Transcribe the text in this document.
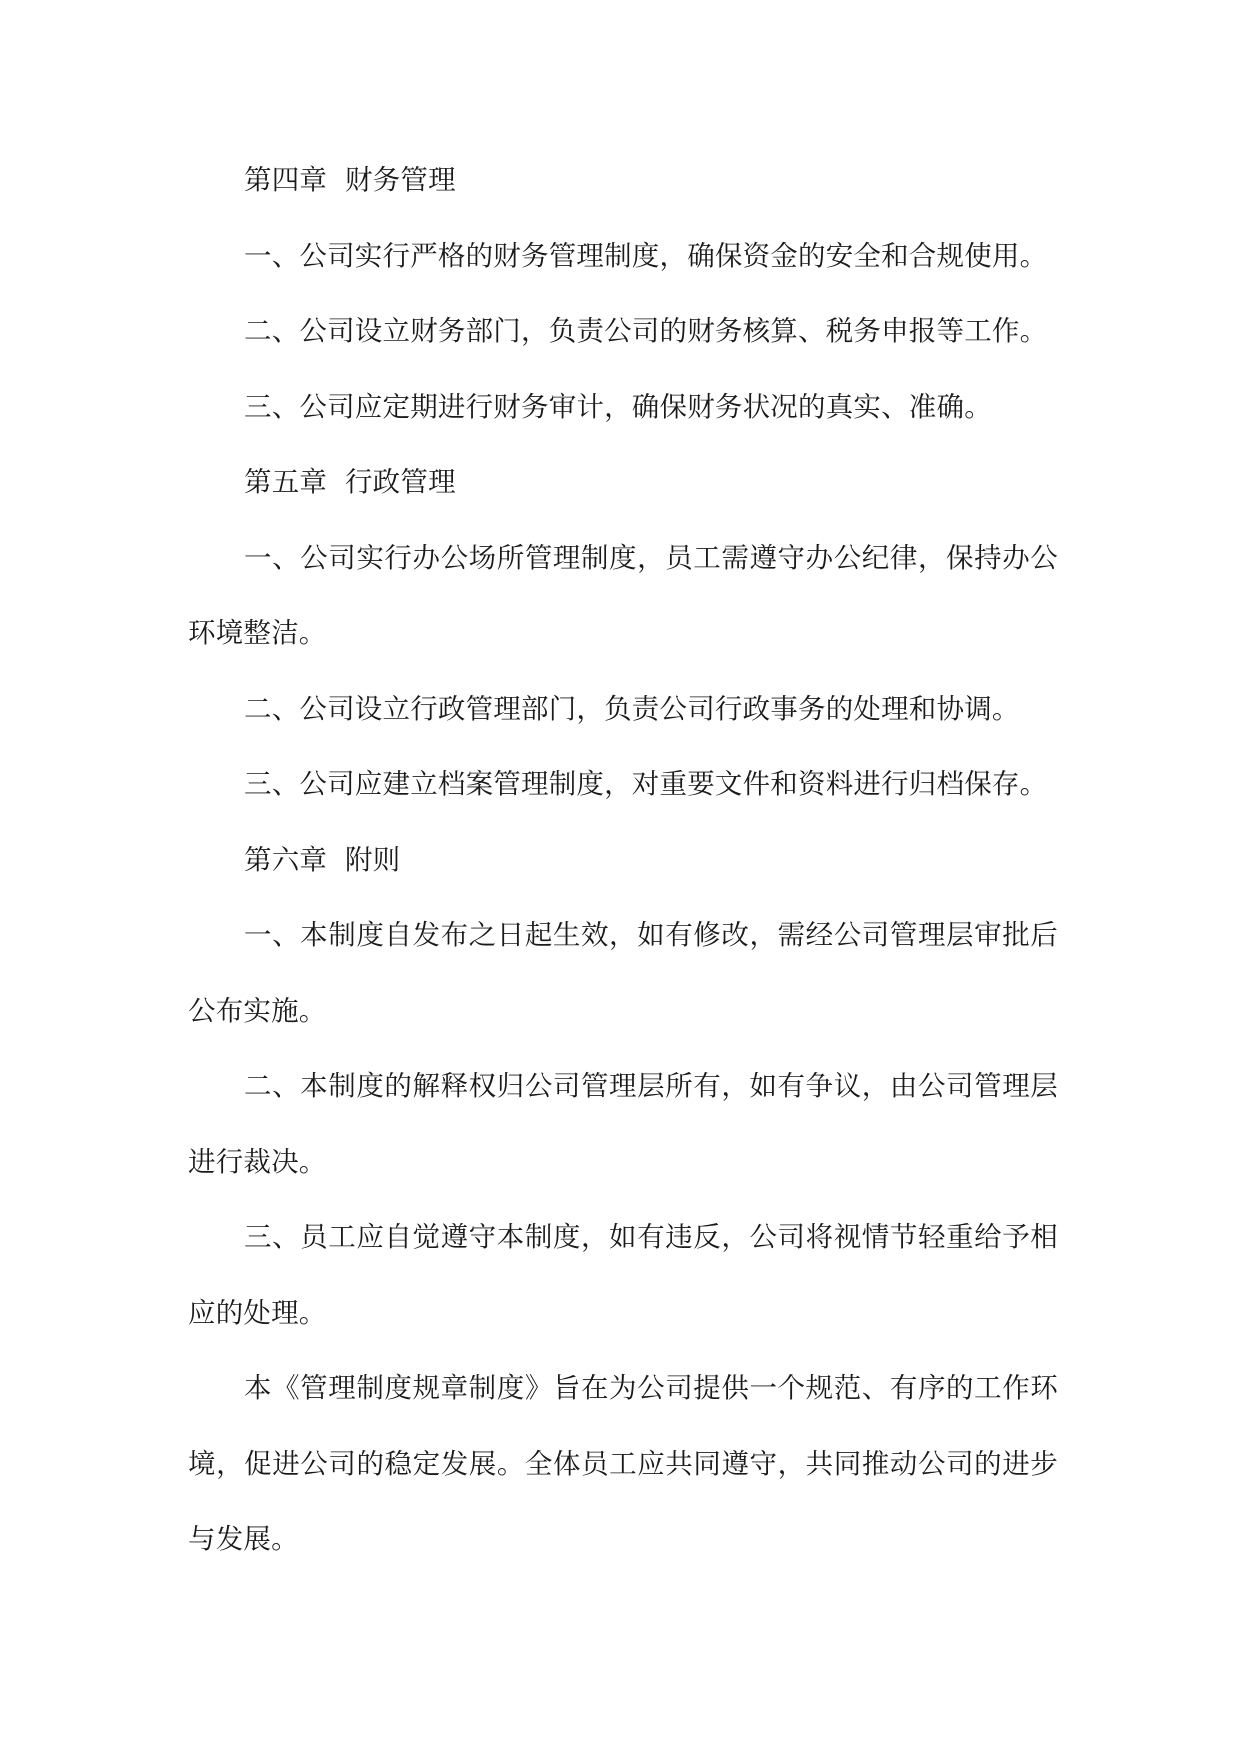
第四章  财务管理

一、公司实行严格的财务管理制度，确保资金的安全和合规使用。

二、公司设立财务部门，负责公司的财务核算、税务申报等工作。

三、公司应定期进行财务审计，确保财务状况的真实、准确。

第五章  行政管理

一、公司实行办公场所管理制度，员工需遵守办公纪律，保持办公环境整洁。

二、公司设立行政管理部门，负责公司行政事务的处理和协调。

三、公司应建立档案管理制度，对重要文件和资料进行归档保存。

第六章  附则

一、本制度自发布之日起生效，如有修改，需经公司管理层审批后公布实施。

二、本制度的解释权归公司管理层所有，如有争议，由公司管理层进行裁决。

三、员工应自觉遵守本制度，如有违反，公司将视情节轻重给予相应的处理。

本《管理制度规章制度》旨在为公司提供一个规范、有序的工作环境，促进公司的稳定发展。全体员工应共同遵守，共同推动公司的进步与发展。
